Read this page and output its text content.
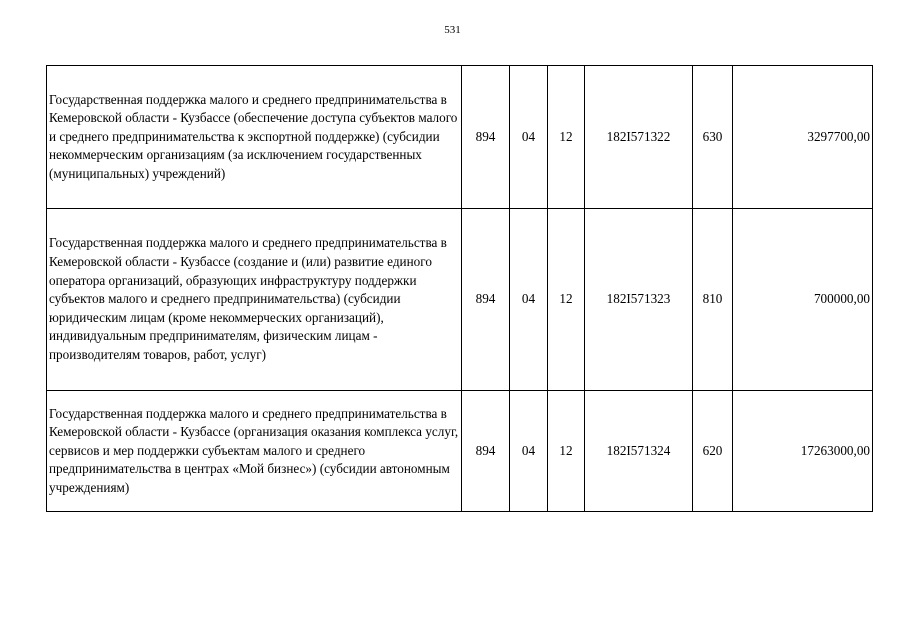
531
Государственная поддержка малого и среднего предпринимательства в Кемеровской области - Кузбассе (обеспечение доступа субъектов малого и среднего предпринимательства к экспортной поддержке) (субсидии некоммерческим организациям (за исключением государственных (муниципальных) учреждений)	894	04	12	182I571322	630	3297700,00
Государственная поддержка малого и среднего предпринимательства в Кемеровской области - Кузбассе (создание и (или) развитие единого оператора организаций, образующих инфраструктуру поддержки субъектов малого и среднего предпринимательства) (субсидии юридическим лицам (кроме некоммерческих организаций), индивидуальным предпринимателям, физическим лицам - производителям товаров, работ, услуг)	894	04	12	182I571323	810	700000,00
Государственная поддержка малого и среднего предпринимательства в Кемеровской области - Кузбассе (организация оказания комплекса услуг, сервисов и мер поддержки субъектам малого и среднего предпринимательства в центрах «Мой бизнес») (субсидии автономным учреждениям)	894	04	12	182I571324	620	17263000,00
